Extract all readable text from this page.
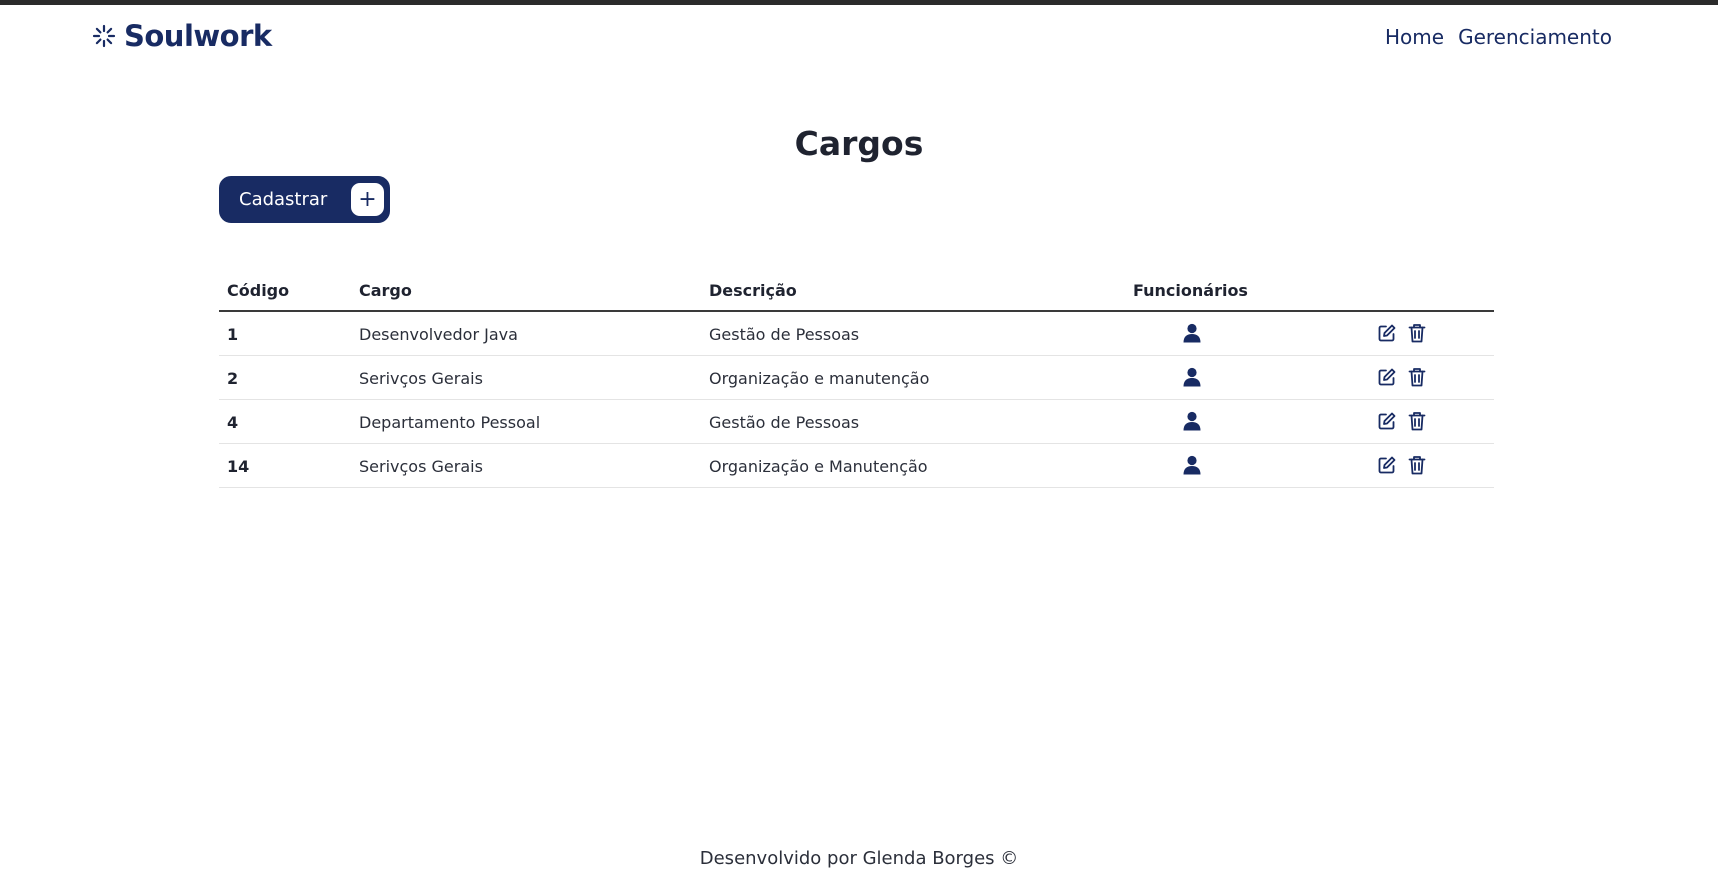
Soulwork	Home Gerenciamento
Cargos
Cadastrar	+
Código	Cargo	Descrição	Funcionários
1	Desenvolvedor Java	Gestão de Pessoas
2	Serivços Gerais	Organização e manutenção
4	Departamento Pessoal	Gestão de Pessoas
14	Serivços Gerais	Organização e Manutenção
Desenvolvido por Glenda Borges ©
